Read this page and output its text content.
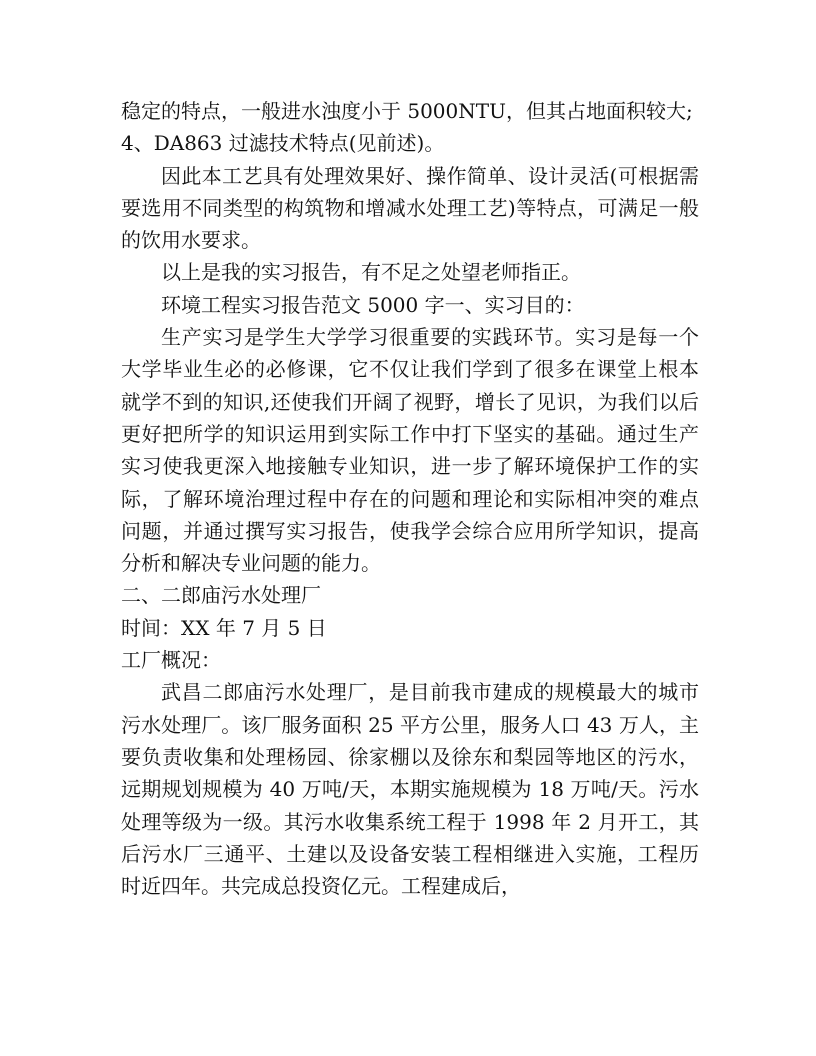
稳定的特点，一般进水浊度小于 5000NTU，但其占地面积较大;

4、DA863 过滤技术特点(见前述)。

因此本工艺具有处理效果好、操作简单、设计灵活(可根据需要选用不同类型的构筑物和增减水处理工艺)等特点，可满足一般的饮用水要求。

以上是我的实习报告，有不足之处望老师指正。

环境工程实习报告范文 5000 字一、实习目的：

生产实习是学生大学学习很重要的实践环节。实习是每一个大学毕业生必的必修课，它不仅让我们学到了很多在课堂上根本就学不到的知识,还使我们开阔了视野，增长了见识，为我们以后更好把所学的知识运用到实际工作中打下坚实的基础。通过生产实习使我更深入地接触专业知识，进一步了解环境保护工作的实际，了解环境治理过程中存在的问题和理论和实际相冲突的难点问题，并通过撰写实习报告，使我学会综合应用所学知识，提高分析和解决专业问题的能力。

二、二郎庙污水处理厂

时间：XX 年 7 月 5 日

工厂概况：

武昌二郎庙污水处理厂，是目前我市建成的规模最大的城市污水处理厂。该厂服务面积 25 平方公里，服务人口 43 万人，主要负责收集和处理杨园、徐家棚以及徐东和梨园等地区的污水，远期规划规模为 40 万吨/天，本期实施规模为 18 万吨/天。污水处理等级为一级。其污水收集系统工程于 1998 年 2 月开工，其后污水厂三通平、土建以及设备安装工程相继进入实施，工程历时近四年。共完成总投资亿元。工程建成后，
